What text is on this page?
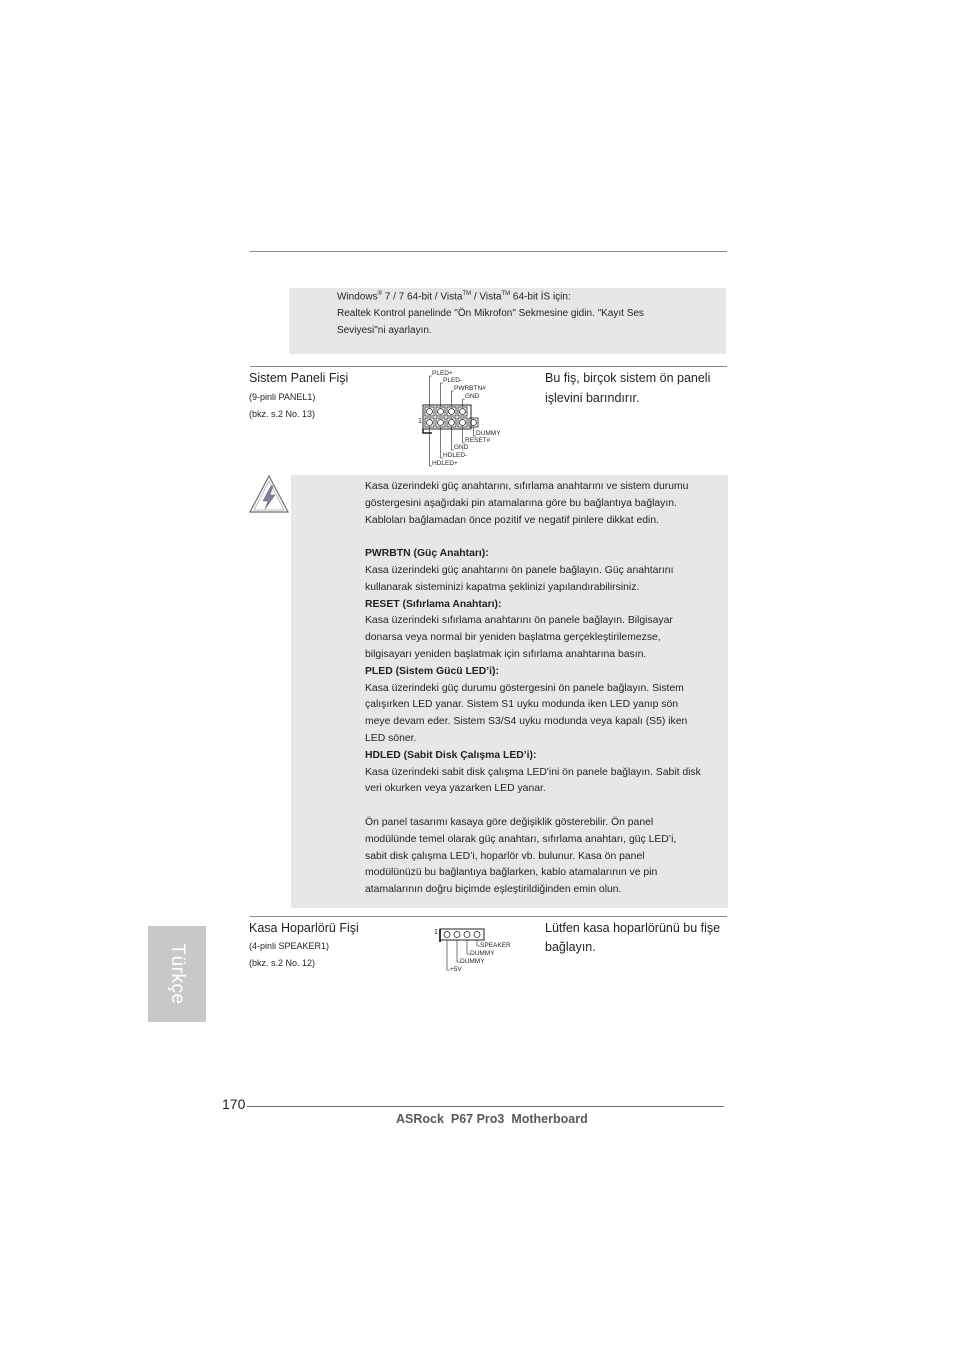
Windows® 7 / 7 64-bit / Vista™ / Vista™ 64-bit İS için:
Realtek Kontrol panelinde "Ön Mikrofon" Sekmesine gidin. "Kayıt Ses
Seviyesi"ni ayarlayın.
Sistem Paneli Fişi
(9-pinli PANEL1)
(bkz. s.2 No. 13)
Bu fiş, birçok sistem ön paneli
işlevini barındırır.
PLED+
PLED-
PWRBTN#
GND
DUMMY
RESET#
GND
HDLED-
HDLED+
1

Kasa üzerindeki güç anahtarını, sıfırlama anahtarını ve sistem durumu

göstergesini aşağıdaki pin atamalarına göre bu bağlantıya bağlayın.

Kabloları bağlamadan önce pozitif ve negatif pinlere dikkat edin.

PWRBTN (Güç Anahtarı):

Kasa üzerindeki güç anahtarını ön panele bağlayın. Güç anahtarını

kullanarak sisteminizi kapatma şeklinizi yapılandırabilirsiniz.

RESET (Sıfırlama Anahtarı):

Kasa üzerindeki sıfırlama anahtarını ön panele bağlayın. Bilgisayar

donarsa veya normal bir yeniden başlatma gerçekleştirilemezse,

bilgisayarı yeniden başlatmak için sıfırlama anahtarına basın.

PLED (Sistem Gücü LED’i):

Kasa üzerindeki güç durumu göstergesini ön panele bağlayın. Sistem

çalışırken LED yanar. Sistem S1 uyku modunda iken LED yanıp sön

meye devam eder. Sistem S3/S4 uyku modunda veya kapalı (S5) iken

LED söner.

HDLED (Sabit Disk Çalışma LED’i):

Kasa üzerindeki sabit disk çalışma LED'ini ön panele bağlayın. Sabit disk

veri okurken veya yazarken LED yanar.

Ön panel tasarımı kasaya göre değişiklik gösterebilir. Ön panel

modülünde temel olarak güç anahtarı, sıfırlama anahtarı, güç LED’i,

sabit disk çalışma LED’i, hoparlör vb. bulunur. Kasa ön panel

modülünüzü bu bağlantıya bağlarken, kablo atamalarının ve pin

atamalarının doğru biçimde eşleştirildiğinden emin olun.

Kasa Hoparlörü Fişi
(4-pinli SPEAKER1)
(bkz. s.2 No. 12)
Lütfen kasa hoparlörünü bu fişe
bağlayın.
SPEAKER
DUMMY
DUMMY
+5V
1
Türkçe
170
ASRock  P67 Pro3  Motherboard
